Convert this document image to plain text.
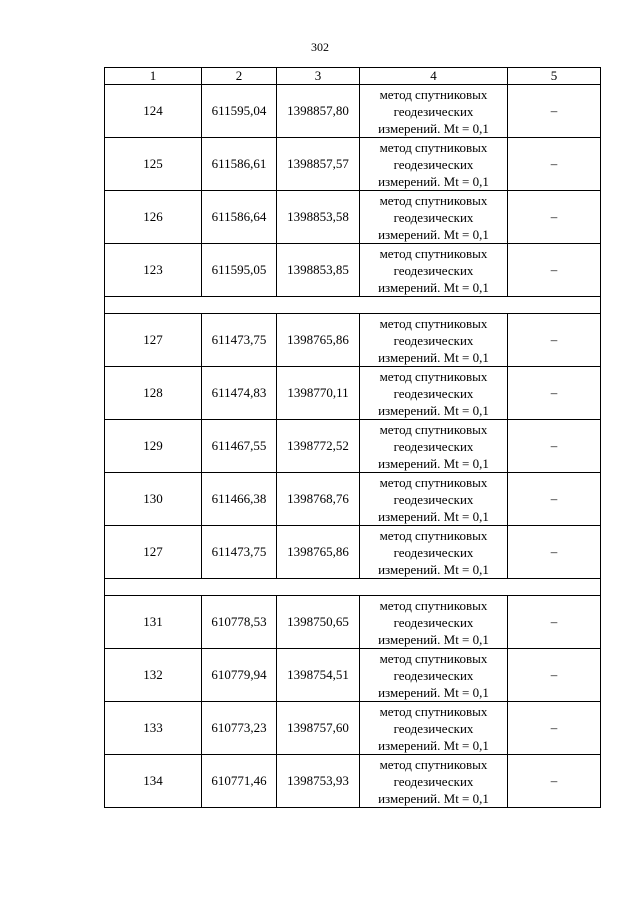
302
1	2	3	4	5
124	611595,04	1398857,80	метод спутниковых
геодезических
измерений. Mt = 0,1	–
125	611586,61	1398857,57	метод спутниковых
геодезических
измерений. Mt = 0,1	–
126	611586,64	1398853,58	метод спутниковых
геодезических
измерений. Mt = 0,1	–
123	611595,05	1398853,85	метод спутниковых
геодезических
измерений. Mt = 0,1	–

127	611473,75	1398765,86	метод спутниковых
геодезических
измерений. Mt = 0,1	–
128	611474,83	1398770,11	метод спутниковых
геодезических
измерений. Mt = 0,1	–
129	611467,55	1398772,52	метод спутниковых
геодезических
измерений. Mt = 0,1	–
130	611466,38	1398768,76	метод спутниковых
геодезических
измерений. Mt = 0,1	–
127	611473,75	1398765,86	метод спутниковых
геодезических
измерений. Mt = 0,1	–

131	610778,53	1398750,65	метод спутниковых
геодезических
измерений. Mt = 0,1	–
132	610779,94	1398754,51	метод спутниковых
геодезических
измерений. Mt = 0,1	–
133	610773,23	1398757,60	метод спутниковых
геодезических
измерений. Mt = 0,1	–
134	610771,46	1398753,93	метод спутниковых
геодезических
измерений. Mt = 0,1	–
